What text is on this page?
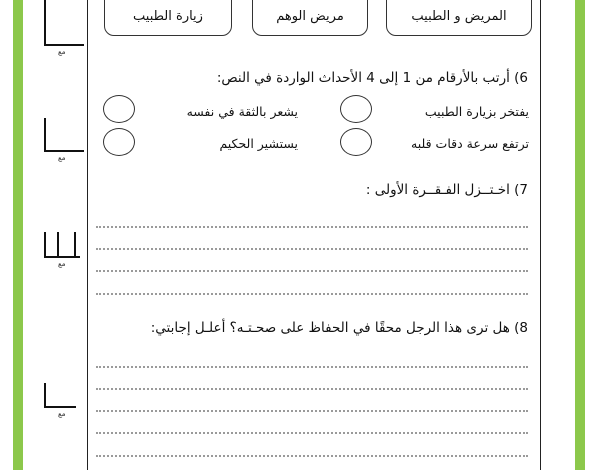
المريض و الطبيب
مريض الوهم
زيارة الطبيب
مع
مع
مع
مع
6) أرتب بالأرقام من 1 إلى 4 الأحداث الواردة في النص:
يفتخر بزيارة الطبيب
يشعر بالثقة في نفسه
ترتفع سرعة دقات قلبه
يستشير الحكيم
7) اخـتــزل الفـقــرة الأولى :
8) هل ترى هذا الرجل محقًا في الحفاظ على صحـتـه؟ أعلـل إجابتي:
